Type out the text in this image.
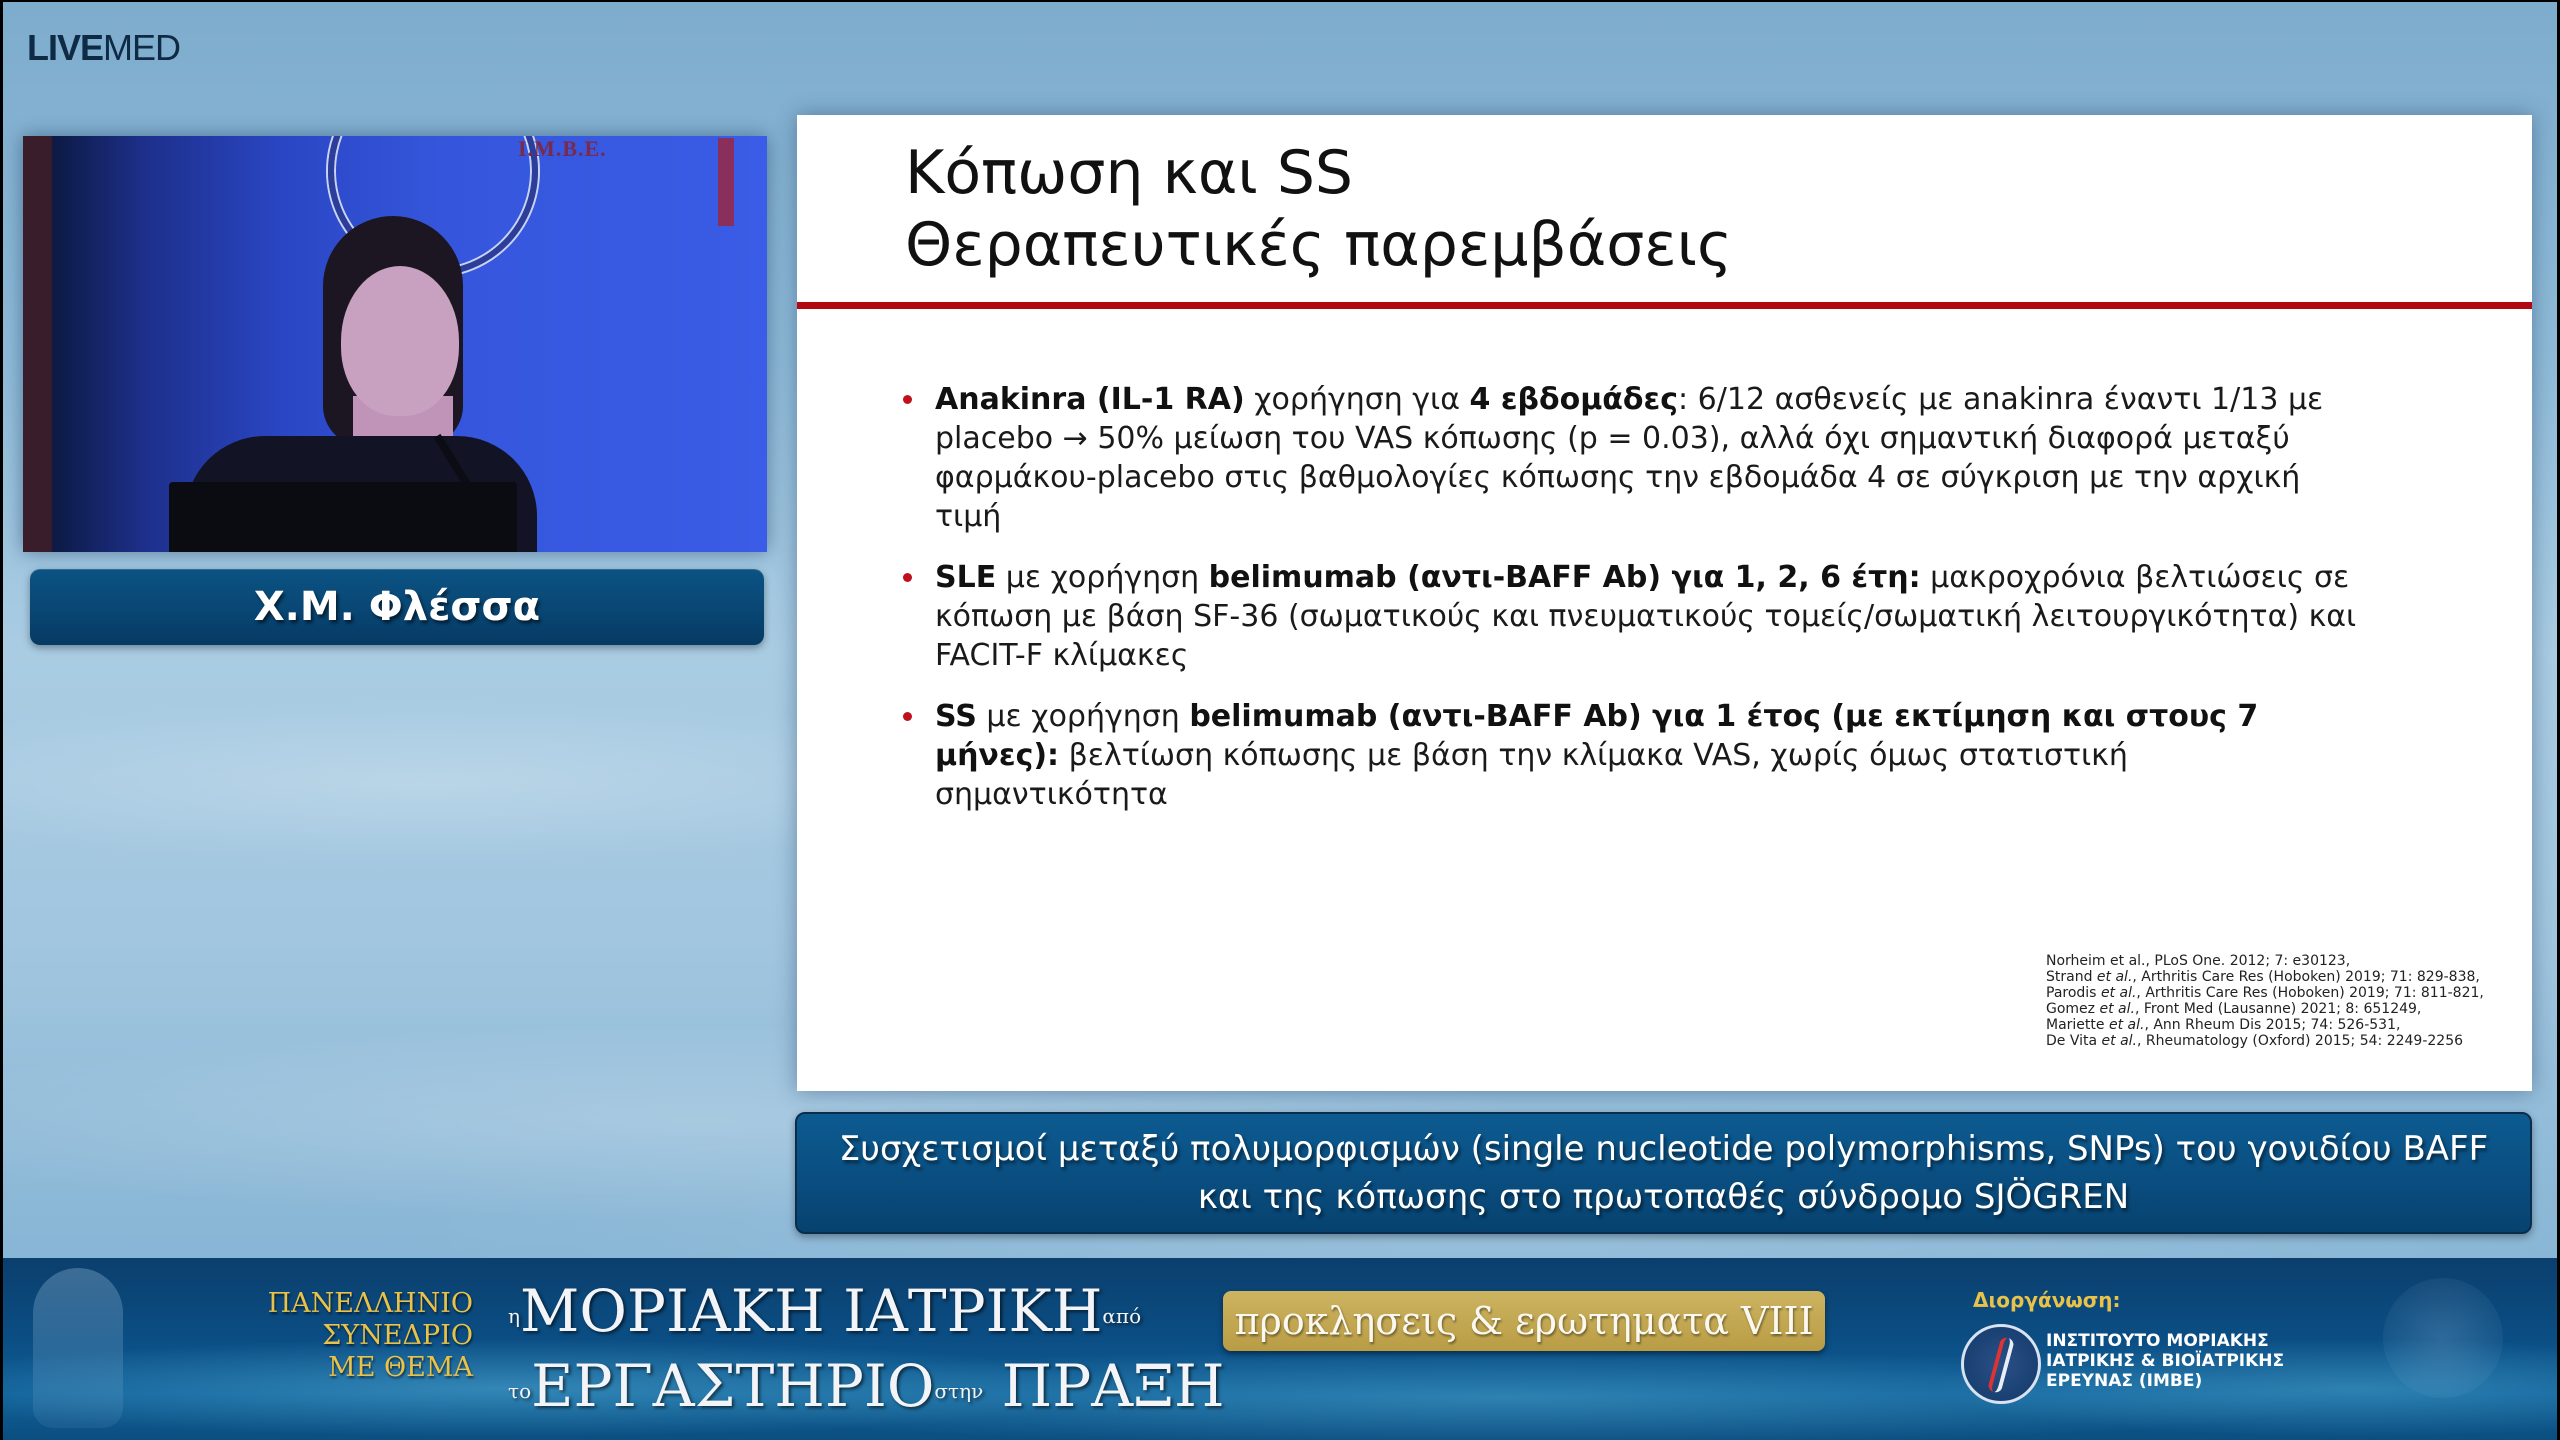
LIVEMED
I.M.B.E.
Χ.Μ. Φλέσσα
Κόπωση και SS
Θεραπευτικές παρεμβάσεις
Anakinra (IL-1 RA) χορήγηση για 4 εβδομάδες: 6/12 ασθενείς με anakinra έναντι 1/13 με placebo → 50% μείωση του VAS κόπωσης (p = 0.03), αλλά όχι σημαντική διαφορά μεταξύ φαρμάκου-placebo στις βαθμολογίες κόπωσης την εβδομάδα 4 σε σύγκριση με την αρχική τιμή
SLE με χορήγηση belimumab (αντι-BAFF Ab) για 1, 2, 6 έτη: μακροχρόνια βελτιώσεις σε κόπωση με βάση SF-36 (σωματικούς και πνευματικούς τομείς/σωματική λειτουργικότητα) και FACIT-F κλίμακες
SS με χορήγηση belimumab (αντι-BAFF Ab) για 1 έτος (με εκτίμηση και στους 7 μήνες): βελτίωση κόπωσης με βάση την κλίμακα VAS, χωρίς όμως στατιστική σημαντικότητα
Norheim et al., PLoS One. 2012; 7: e30123,
Strand et al., Arthritis Care Res (Hoboken) 2019; 71: 829-838,
Parodis et al., Arthritis Care Res (Hoboken) 2019; 71: 811-821,
Gomez et al., Front Med (Lausanne) 2021; 8: 651249,
Mariette et al., Ann Rheum Dis 2015; 74: 526-531,
De Vita et al., Rheumatology (Oxford) 2015; 54: 2249-2256
Συσχετισμοί μεταξύ πολυμορφισμών (single nucleotide polymorphisms, SNPs) του γονιδίου BAFF
και της κόπωσης στο πρωτοπαθές σύνδρομο SJÖGREN
ΠΑΝΕΛΛΗΝΙΟ
ΣΥΝΕΔΡΙΟ
ΜΕ ΘΕΜΑ
ηΜΟΡΙΑΚΗ ΙΑΤΡΙΚΗαπό
τοΕΡΓΑΣΤΗΡΙΟστην ΠΡΑΞΗ
προκλησεις & ερωτηματα VIII	Διοργάνωση:
ΙΝΣΤΙΤΟΥΤΟ ΜΟΡΙΑΚΗΣ
ΙΑΤΡΙΚΗΣ & ΒΙΟΪΑΤΡΙΚΗΣ
ΕΡΕΥΝΑΣ (IMBE)
